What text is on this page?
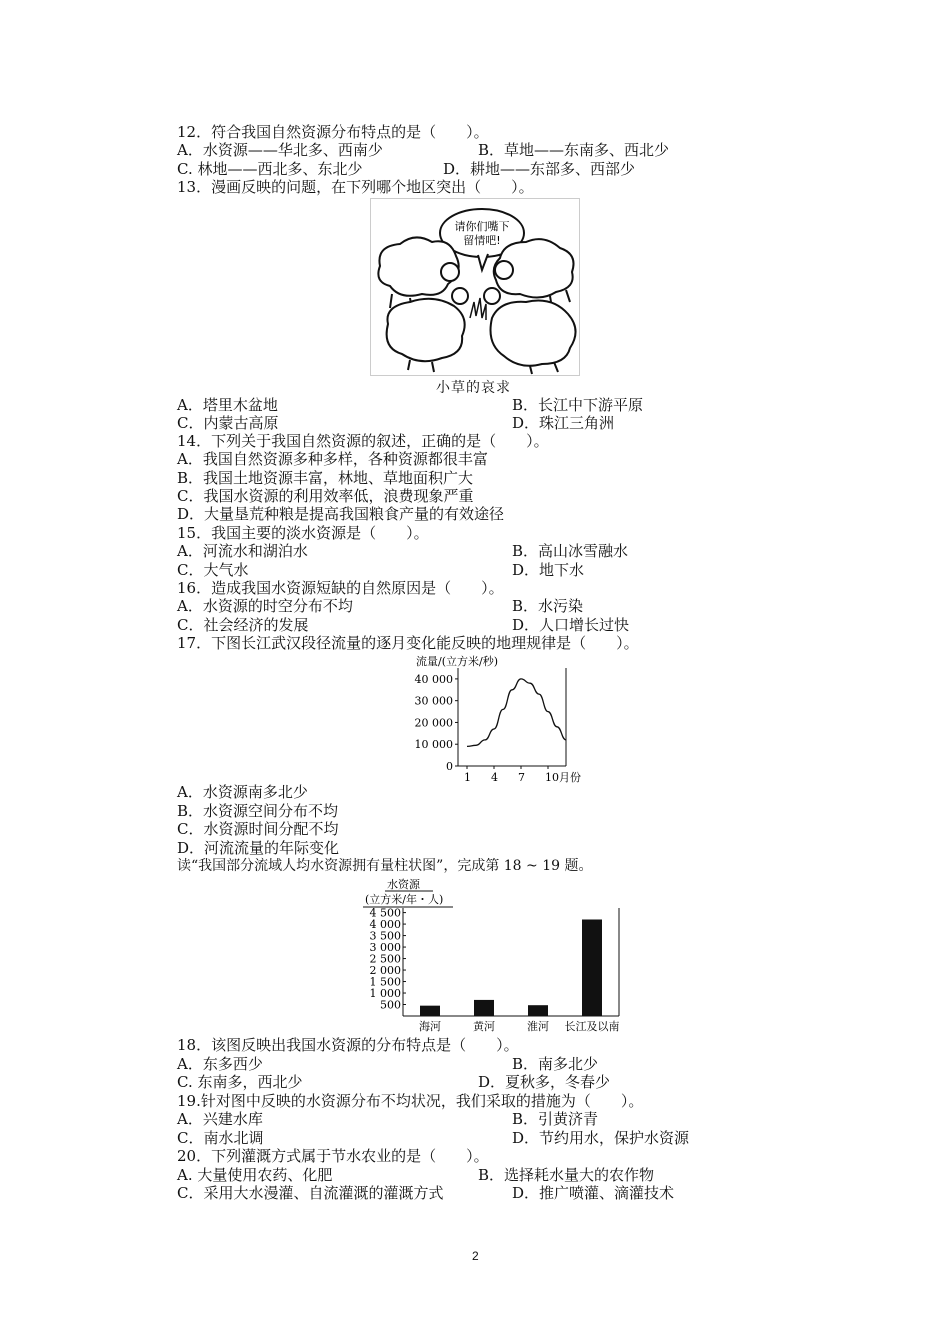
12．符合我国自然资源分布特点的是（　　）。
A．水资源——华北多、西南少	B．草地——东南多、西北少
C. 林地——西北多、东北少	D．耕地——东部多、西部少
13．漫画反映的问题，在下列哪个地区突出（　　）。
请你们嘴下
留情吧!
小草的哀求
A．塔里木盆地	B．长江中下游平原
C．内蒙古高原	D．珠江三角洲
14．下列关于我国自然资源的叙述，正确的是（　　）。
A．我国自然资源多种多样，各种资源都很丰富
B．我国土地资源丰富，林地、草地面积广大
C．我国水资源的利用效率低，浪费现象严重
D．大量垦荒种粮是提高我国粮食产量的有效途径
15．我国主要的淡水资源是（　　）。
A．河流水和湖泊水	B．高山冰雪融水
C．大气水	D．地下水
16．造成我国水资源短缺的自然原因是（　　）。
A．水资源的时空分布不均	B．水污染
C．社会经济的发展	D．人口增长过快
17．下图长江武汉段径流量的逐月变化能反映的地理规律是（　　）。
流量/(立方米/秒)
0
10 000
20 000
30 000
40 000
1 4 7 10月份
A．水资源南多北少
B．水资源空间分布不均
C．水资源时间分配不均
D．河流流量的年际变化
读“我国部分流域人均水资源拥有量柱状图”，完成第 18 ~ 19 题。
水资源
(立方米/年・人)
500
1 000
1 500
2 000
2 500
3 000
3 500
4 000
4 500
海河	黄河	淮河 长江及以南
18．该图反映出我国水资源的分布特点是（　　）。
A．东多西少	B．南多北少
C. 东南多，西北少	D．夏秋多，冬春少
19.针对图中反映的水资源分布不均状况，我们采取的措施为（　　）。
A．兴建水库	B．引黄济青
C．南水北调	D．节约用水，保护水资源
20．下列灌溉方式属于节水农业的是（　　）。
A. 大量使用农药、化肥	B．选择耗水量大的农作物
C．采用大水漫灌、自流灌溉的灌溉方式	D．推广喷灌、滴灌技术
2
